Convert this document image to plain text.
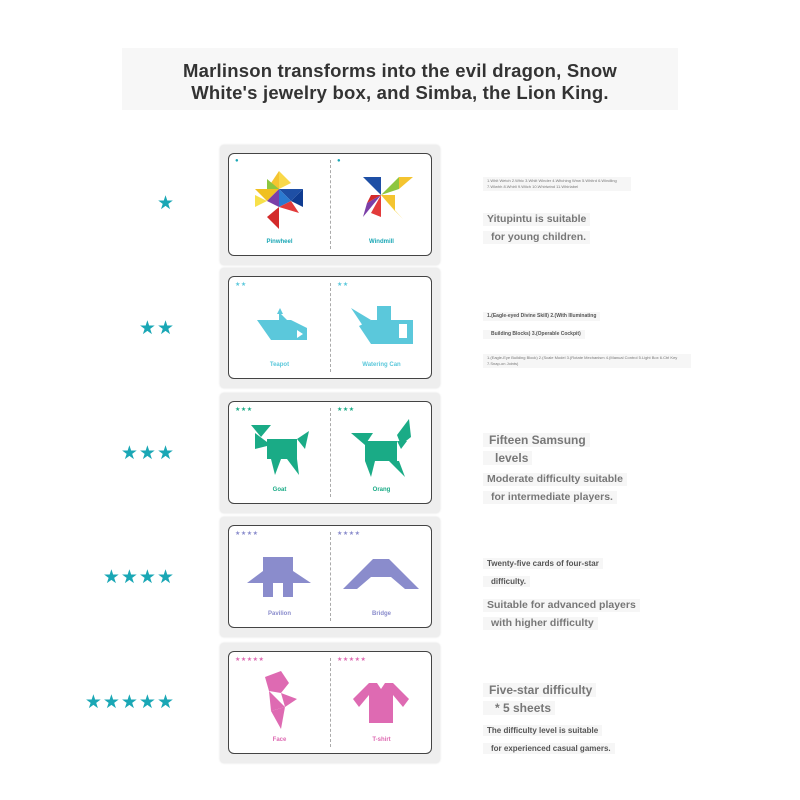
Marlinson transforms into the evil dragon, Snow
White's jewelry box, and Simba, the Lion King.
★
●
Pinwheel
●
Windmill
1.Whit Wetch 2.Whic 3.Whiit Winder 4.Witching Wnw 5.Whitrd 6.Windling 7.Wlwhh 8.Whirli 9.Wiich 10.Whirlwind 11.Whirlabel
Yitupintu is suitable
for young children.
★★
★★
Teapot
★★
Watering Can
1.(Eagle-eyed Divine Skill) 2.(With Illuminating
Building Blocks) 3.(Operable Cockpit)
1.(Eagle-Eye Building Block) 2.(Scale Model 3.(Rotate Mechanism 4.(Manual Control 5.Light Box 6.Ctrl Key 7.Snap-on Joints)
★★★
★★★
Goat
★★★
Orang
Fifteen Samsung
levels
Moderate difficulty suitable
for intermediate players.
★★★★
★★★★
Pavilion
★★★★
Bridge
Twenty-five cards of four-star
difficulty.
Suitable for advanced players
with higher difficulty
★★★★★
★★★★★
Face
★★★★★
T-shirt
Five-star difficulty
* 5 sheets
The difficulty level is suitable
for experienced casual gamers.
